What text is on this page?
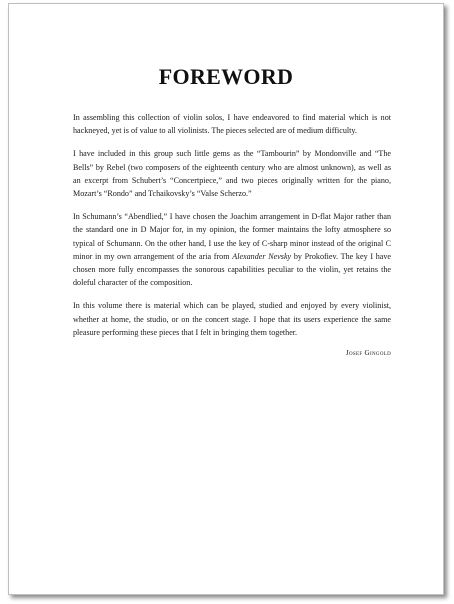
FOREWORD

In assembling this collection of violin solos, I have endeavored to find material which is not hackneyed, yet is of value to all violinists. The pieces selected are of medium difficulty.

I have included in this group such little gems as the “Tambourin” by Mondonville and “The Bells” by Rebel (two composers of the eighteenth century who are almost unknown), as well as an excerpt from Schubert’s “Concertpiece,” and two pieces originally written for the piano, Mozart’s “Rondo” and Tchaikovsky’s “Valse Scherzo.”

In Schumann’s “Abendlied,” I have chosen the Joachim arrangement in D-flat Major rather than the standard one in D Major for, in my opinion, the former maintains the lofty atmosphere so typical of Schumann. On the other hand, I use the key of C-sharp minor instead of the original C minor in my own arrangement of the aria from Alexander Nevsky by Prokofiev. The key I have chosen more fully encompasses the sonorous capabilities peculiar to the violin, yet retains the doleful character of the composition.

In this volume there is material which can be played, studied and enjoyed by every violinist, whether at home, the studio, or on the concert stage. I hope that its users experience the same pleasure performing these pieces that I felt in bringing them together.

Josef Gingold
